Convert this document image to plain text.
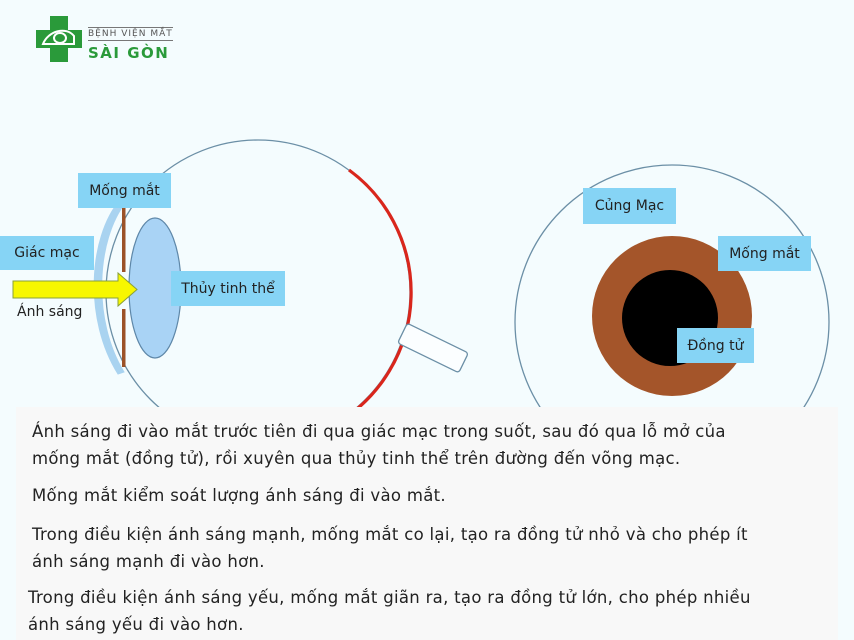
BỆNH VIỆN MẮT
SÀI GÒN
Mống mắt
Giác mạc
Thủy tinh thể
Ánh sáng
Củng Mạc
Mống mắt
Đồng tử
Ánh sáng đi vào mắt trước tiên đi qua giác mạc trong suốt, sau đó qua lỗ mở của
mống mắt (đồng tử), rồi xuyên qua thủy tinh thể trên đường đến võng mạc.
Mống mắt kiểm soát lượng ánh sáng đi vào mắt.
Trong điều kiện ánh sáng mạnh, mống mắt co lại, tạo ra đồng tử nhỏ và cho phép ít
ánh sáng mạnh đi vào hơn.
Trong điều kiện ánh sáng yếu, mống mắt giãn ra, tạo ra đồng tử lớn, cho phép nhiều
ánh sáng yếu đi vào hơn.
